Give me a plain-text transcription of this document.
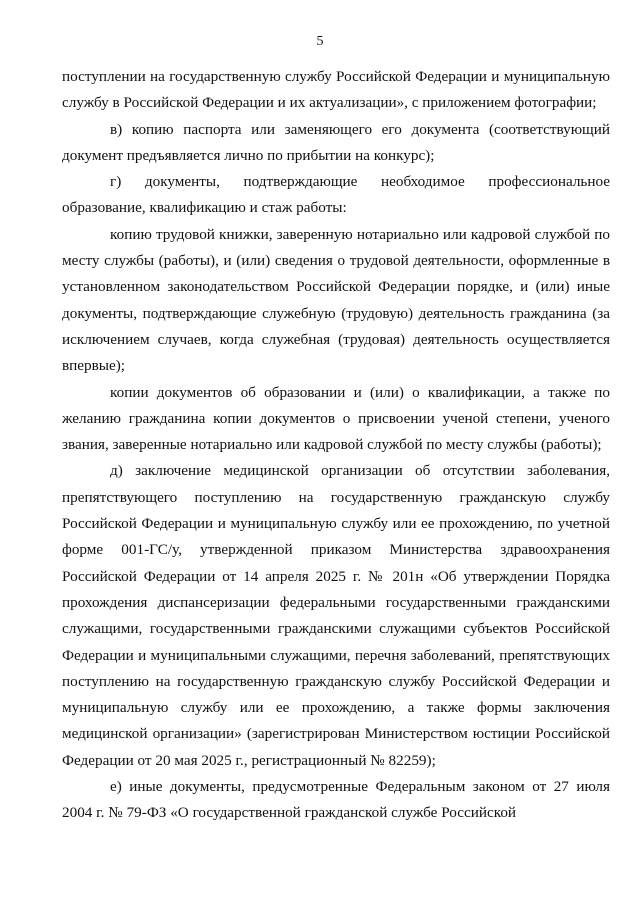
5

поступлении на государственную службу Российской Федерации и муниципальную службу в Российской Федерации и их актуализации», с приложением фотографии;

в) копию паспорта или заменяющего его документа (соответствующий документ предъявляется лично по прибытии на конкурс);

г) документы, подтверждающие необходимое профессиональное образование, квалификацию и стаж работы:

копию трудовой книжки, заверенную нотариально или кадровой службой по месту службы (работы), и (или) сведения о трудовой деятельности, оформленные в установленном законодательством Российской Федерации порядке, и (или) иные документы, подтверждающие служебную (трудовую) деятельность гражданина (за исключением случаев, когда служебная (трудовая) деятельность осуществляется впервые);

копии документов об образовании и (или) о квалификации, а также по желанию гражданина копии документов о присвоении ученой степени, ученого звания, заверенные нотариально или кадровой службой по месту службы (работы);

д) заключение медицинской организации об отсутствии заболевания, препятствующего поступлению на государственную гражданскую службу Российской Федерации и муниципальную службу или ее прохождению, по учетной форме 001-ГС/у, утвержденной приказом Министерства здравоохранения Российской Федерации от 14 апреля 2025 г. № 201н «Об утверждении Порядка прохождения диспансеризации федеральными государственными гражданскими служащими, государственными гражданскими служащими субъектов Российской Федерации и муниципальными служащими, перечня заболеваний, препятствующих поступлению на государственную гражданскую службу Российской Федерации и муниципальную службу или ее прохождению, а также формы заключения медицинской организации» (зарегистрирован Министерством юстиции Российской Федерации от 20 мая 2025 г., регистрационный № 82259);

е) иные документы, предусмотренные Федеральным законом от 27 июля 2004 г. № 79-ФЗ «О государственной гражданской службе Российской
